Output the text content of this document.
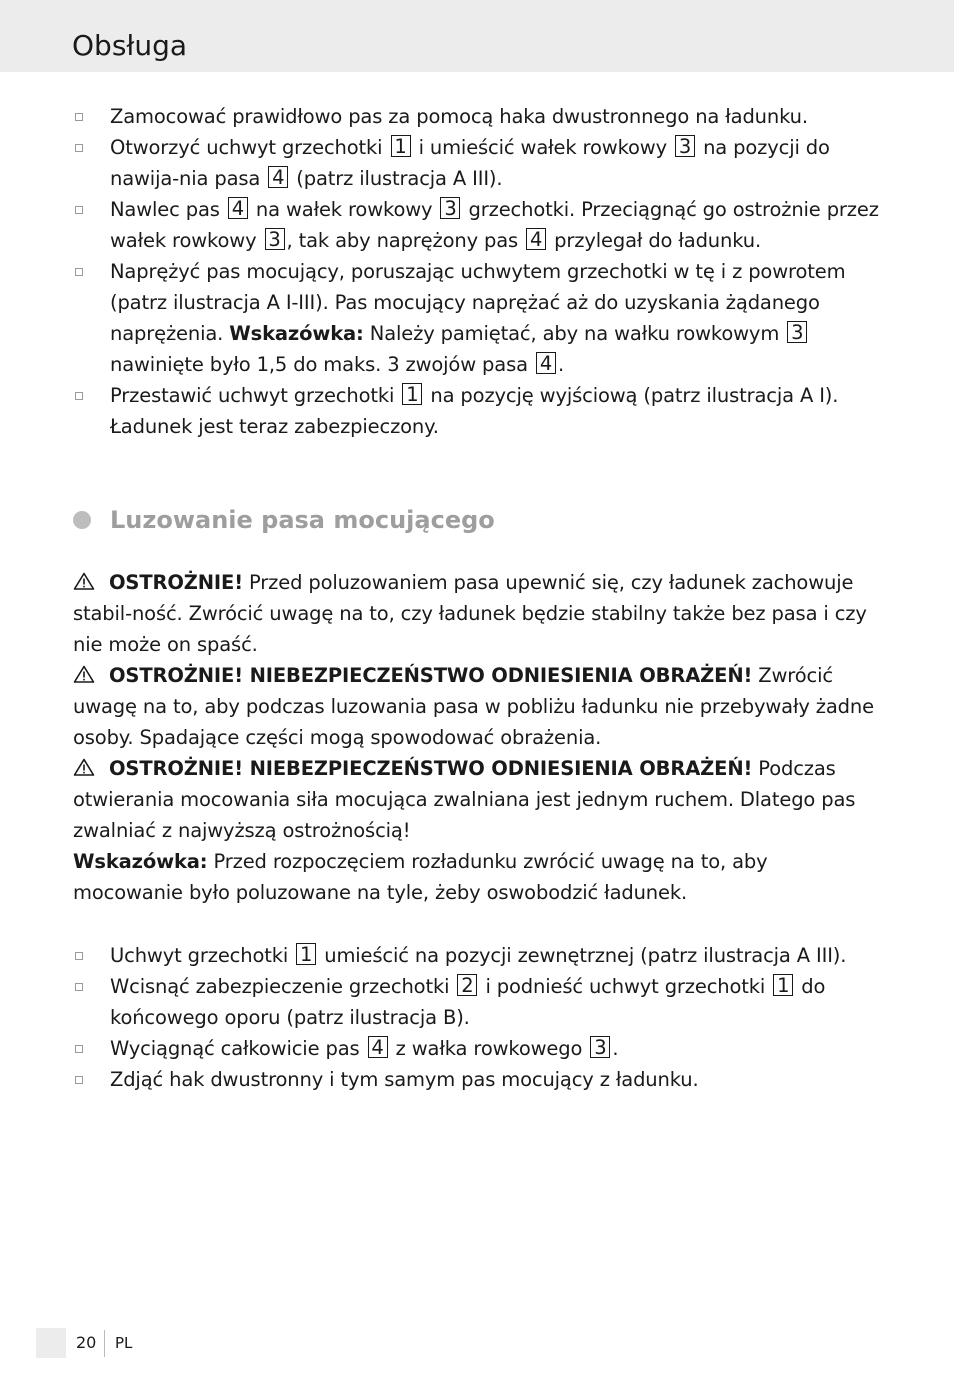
Obsługa
Zamocować prawidłowo pas za pomocą haka dwustronnego na ładunku.
Otworzyć uchwyt grzechotki 1 i umieścić wałek rowkowy 3 na pozycji do nawija-nia pasa 4 (patrz ilustracja A III).
Nawlec pas 4 na wałek rowkowy 3 grzechotki. Przeciągnąć go ostrożnie przez wałek rowkowy 3 , tak aby naprężony pas 4 przylegał do ładunku.
Naprężyć pas mocujący, poruszając uchwytem grzechotki w tę i z powrotem (patrz ilustracja A I-III). Pas mocujący naprężać aż do uzyskania żądanego naprężenia. Wskazówka: Należy pamiętać, aby na wałku rowkowym 3 nawinięte było 1,5 do maks. 3 zwojów pasa 4 .
Przestawić uchwyt grzechotki 1 na pozycję wyjściową (patrz ilustracja A I). Ładunek jest teraz zabezpieczony.
Luzowanie pasa mocującego

OSTROŻNIE! Przed poluzowaniem pasa upewnić się, czy ładunek zachowuje stabil-ność. Zwrócić uwagę na to, czy ładunek będzie stabilny także bez pasa i czy nie może on spaść.

OSTROŻNIE! NIEBEZPIECZEŃSTWO ODNIESIENIA OBRAŻEŃ! Zwrócić uwagę na to, aby podczas luzowania pasa w pobliżu ładunku nie przebywały żadne osoby. Spadające części mogą spowodować obrażenia.

OSTROŻNIE! NIEBEZPIECZEŃSTWO ODNIESIENIA OBRAŻEŃ! Podczas otwierania mocowania siła mocująca zwalniana jest jednym ruchem. Dlatego pas zwalniać z najwyższą ostrożnością!

Wskazówka: Przed rozpoczęciem rozładunku zwrócić uwagę na to, aby mocowanie było poluzowane na tyle, żeby oswobodzić ładunek.

Uchwyt grzechotki 1 umieścić na pozycji zewnętrznej (patrz ilustracja A III).
Wcisnąć zabezpieczenie grzechotki 2 i podnieść uchwyt grzechotki 1 do końcowego oporu (patrz ilustracja B).
Wyciągnąć całkowicie pas 4 z wałka rowkowego 3 .
Zdjąć hak dwustronny i tym samym pas mocujący z ładunku.
20 PL
